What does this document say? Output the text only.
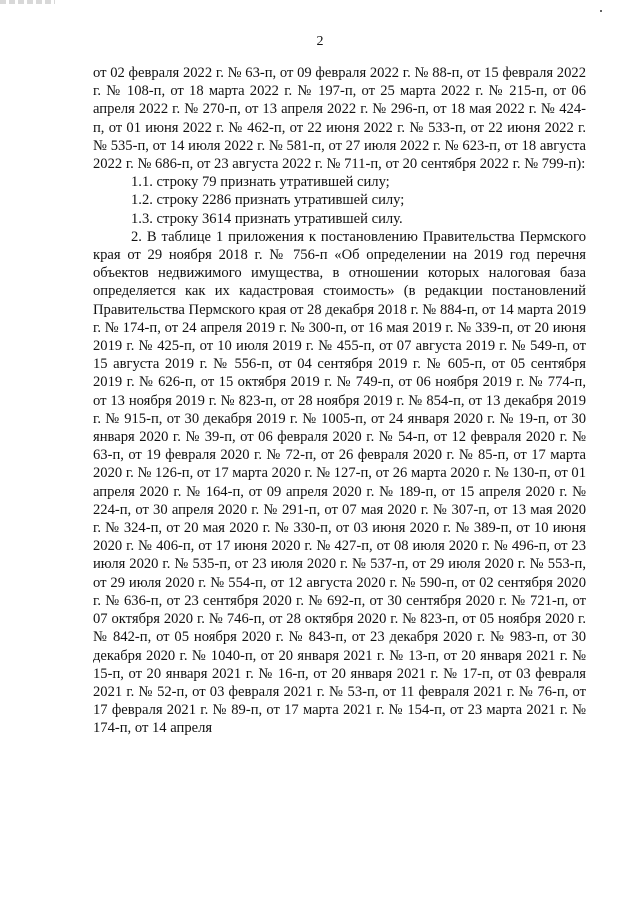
2

от 02 февраля 2022 г. № 63-п, от 09 февраля 2022 г. № 88-п, от 15 февраля 2022 г. № 108-п, от 18 марта 2022 г. № 197-п, от 25 марта 2022 г. № 215-п, от 06 апреля 2022 г. № 270-п, от 13 апреля 2022 г. № 296-п, от 18 мая 2022 г. № 424-п, от 01 июня 2022 г. № 462-п, от 22 июня 2022 г. № 533-п, от 22 июня 2022 г. № 535-п, от 14 июля 2022 г. № 581-п, от 27 июля 2022 г. № 623-п, от 18 августа 2022 г. № 686-п, от 23 августа 2022 г. № 711-п, от 20 сентября 2022 г. № 799-п):

1.1. строку 79 признать утратившей силу;

1.2. строку 2286 признать утратившей силу;

1.3. строку 3614 признать утратившей силу.

2. В таблице 1 приложения к постановлению Правительства Пермского края от 29 ноября 2018 г. № 756-п «Об определении на 2019 год перечня объектов недвижимого имущества, в отношении которых налоговая база определяется как их кадастровая стоимость» (в редакции постановлений Правительства Пермского края от 28 декабря 2018 г. № 884-п, от 14 марта 2019 г. № 174-п, от 24 апреля 2019 г. № 300-п, от 16 мая 2019 г. № 339-п, от 20 июня 2019 г. № 425-п, от 10 июля 2019 г. № 455-п, от 07 августа 2019 г. № 549-п, от 15 августа 2019 г. № 556-п, от 04 сентября 2019 г. № 605-п, от 05 сентября 2019 г. № 626-п, от 15 октября 2019 г. № 749-п, от 06 ноября 2019 г. № 774-п, от 13 ноября 2019 г. № 823-п, от 28 ноября 2019 г. № 854-п, от 13 декабря 2019 г. № 915-п, от 30 декабря 2019 г. № 1005-п, от 24 января 2020 г. № 19-п, от 30 января 2020 г. № 39-п, от 06 февраля 2020 г. № 54-п, от 12 февраля 2020 г. № 63-п, от 19 февраля 2020 г. № 72-п, от 26 февраля 2020 г. № 85-п, от 17 марта 2020 г. № 126-п, от 17 марта 2020 г. № 127-п, от 26 марта 2020 г. № 130-п, от 01 апреля 2020 г. № 164-п, от 09 апреля 2020 г. № 189-п, от 15 апреля 2020 г. № 224-п, от 30 апреля 2020 г. № 291-п, от 07 мая 2020 г. № 307-п, от 13 мая 2020 г. № 324-п, от 20 мая 2020 г. № 330-п, от 03 июня 2020 г. № 389-п, от 10 июня 2020 г. № 406-п, от 17 июня 2020 г. № 427-п, от 08 июля 2020 г. № 496-п, от 23 июля 2020 г. № 535-п, от 23 июля 2020 г. № 537-п, от 29 июля 2020 г. № 553-п, от 29 июля 2020 г. № 554-п, от 12 августа 2020 г. № 590-п, от 02 сентября 2020 г. № 636-п, от 23 сентября 2020 г. № 692-п, от 30 сентября 2020 г. № 721-п, от 07 октября 2020 г. № 746-п, от 28 октября 2020 г. № 823-п, от 05 ноября 2020 г. № 842-п, от 05 ноября 2020 г. № 843-п, от 23 декабря 2020 г. № 983-п, от 30 декабря 2020 г. № 1040-п, от 20 января 2021 г. № 13-п, от 20 января 2021 г. № 15-п, от 20 января 2021 г. № 16-п, от 20 января 2021 г. № 17-п, от 03 февраля 2021 г. № 52-п, от 03 февраля 2021 г. № 53-п, от 11 февраля 2021 г. № 76-п, от 17 февраля 2021 г. № 89-п, от 17 марта 2021 г. № 154-п, от 23 марта 2021 г. № 174-п, от 14 апреля
